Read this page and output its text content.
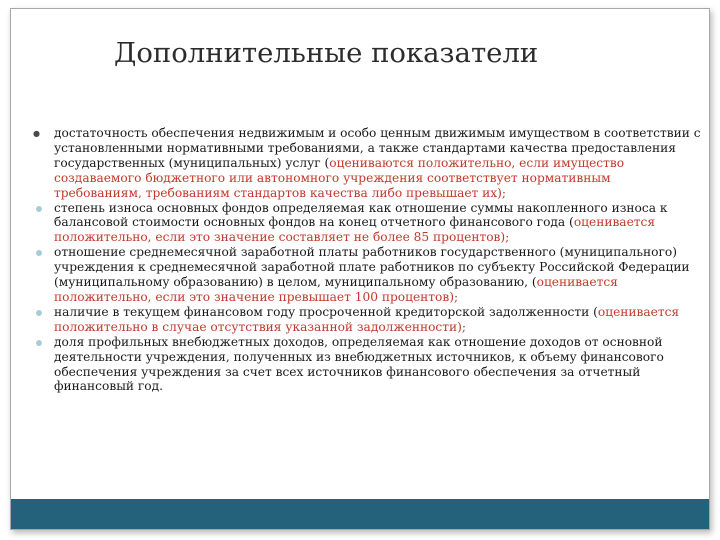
Дополнительные показатели
● достаточность обеспечения недвижимым и особо ценным движимым имуществом в соответствии с установленными нормативными требованиями, а также стандартами качества предоставления государственных (муниципальных) услуг (оцениваются положительно, если имущество создаваемого бюджетного или автономного учреждения соответствует нормативным требованиям, требованиям стандартов качества либо превышает их);
степень износа основных фондов определяемая как отношение суммы накопленного износа к балансовой стоимости основных фондов на конец отчетного финансового года (оценивается положительно, если это значение составляет не более 85 процентов);
отношение среднемесячной заработной платы работников государственного (муниципального) учреждения к среднемесячной заработной плате работников по субъекту Российской Федерации (муниципальному образованию) в целом, муниципальному образованию, (оценивается положительно, если это значение превышает 100 процентов);
наличие в текущем финансовом году просроченной кредиторской задолженности (оценивается положительно в случае отсутствия указанной задолженности);
доля профильных внебюджетных доходов, определяемая как отношение доходов от основной деятельности учреждения, полученных из внебюджетных источников, к объему финансового обеспечения учреждения за счет всех источников финансового обеспечения за отчетный финансовый год.
